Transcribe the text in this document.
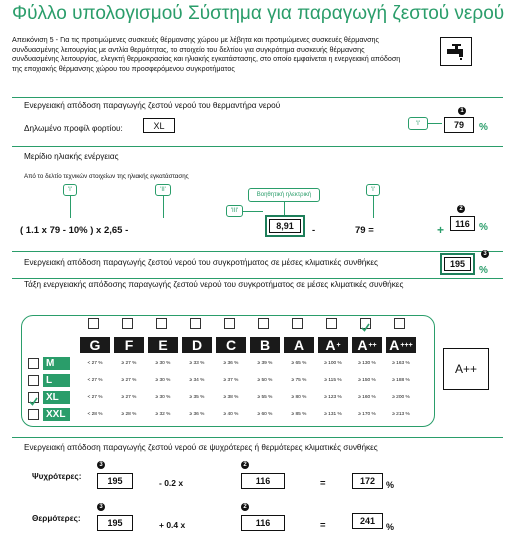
Φύλλο υπολογισμού Σύστημα για παραγωγή ζεστού νερού
Απεικόνιση 5 - Για τις προτιμώμενες συσκευές θέρμανσης χώρου με λέβητα και προτιμώμενες συσκευές θέρμανσης συνδυασμένης λειτουργίας με αντλία θερμότητας, το στοιχείο του δελτίου για συγκρότημα συσκευής θέρμανσης συνδυασμένης λειτουργίας, ελεγκτή θερμοκρασίας και ηλιακής εγκατάστασης, στο οποίο εμφαίνεται η ενεργειακή απόδοση της εποχιακής θέρμανσης χώρου του προσφερόμενου συγκροτήματος
Ενεργειακή απόδοση παραγωγής ζεστού νερού του θερμαντήρα νερού
Δηλωμένο προφίλ φορτίου:	XL	'I'
1
79	%
Μερίδιο ηλιακής ενέργειας
Από το δελτίο τεχνικών στοιχείων της ηλιακής εγκατάστασης
'I'	'II'
Βοηθητική ηλεκτρική
'III'
'I'
( 1.1 x 79 - 10% ) x 2,65 -	8,91	-	79 =	+
2
116 %
Ενεργειακή απόδοση παραγωγής ζεστού νερού του συγκροτήματος σε μέσες κλιματικές συνθήκες
3
195
%
Τάξη ενεργειακής απόδοσης παραγωγής ζεστού νερού του συγκροτήματος σε μέσες κλιματικές συνθήκες
G F E D C B A A + A ++ A +++
M	< 27 %	≥ 27 %	≥ 30 %	≥ 33 %	≥ 36 %	≥ 39 %	≥ 65 %	≥ 100 %	≥ 130 %	≥ 163 %
L	< 27 %	≥ 27 %	≥ 30 %	≥ 34 %	≥ 37 %	≥ 50 %	≥ 75 %	≥ 115 %	≥ 150 %	≥ 188 %
XL	< 27 %	≥ 27 %	≥ 30 %	≥ 35 %	≥ 38 %	≥ 55 %	≥ 80 %	≥ 123 %	≥ 160 %	≥ 200 %
XXL	< 28 %	≥ 28 %	≥ 32 %	≥ 36 %	≥ 40 %	≥ 60 %	≥ 85 %	≥ 131 %	≥ 170 %	≥ 213 %
A++
Ενεργειακή απόδοση παραγωγής ζεστού νερού σε ψυχρότερες ή θερμότερες κλιματικές συνθήκες
Ψυχρότερες:
3
195	- 0.2 x
2
116	=	172	%
Θερμότερες:
3
195	+ 0.4 x
2
116	=	241
%
